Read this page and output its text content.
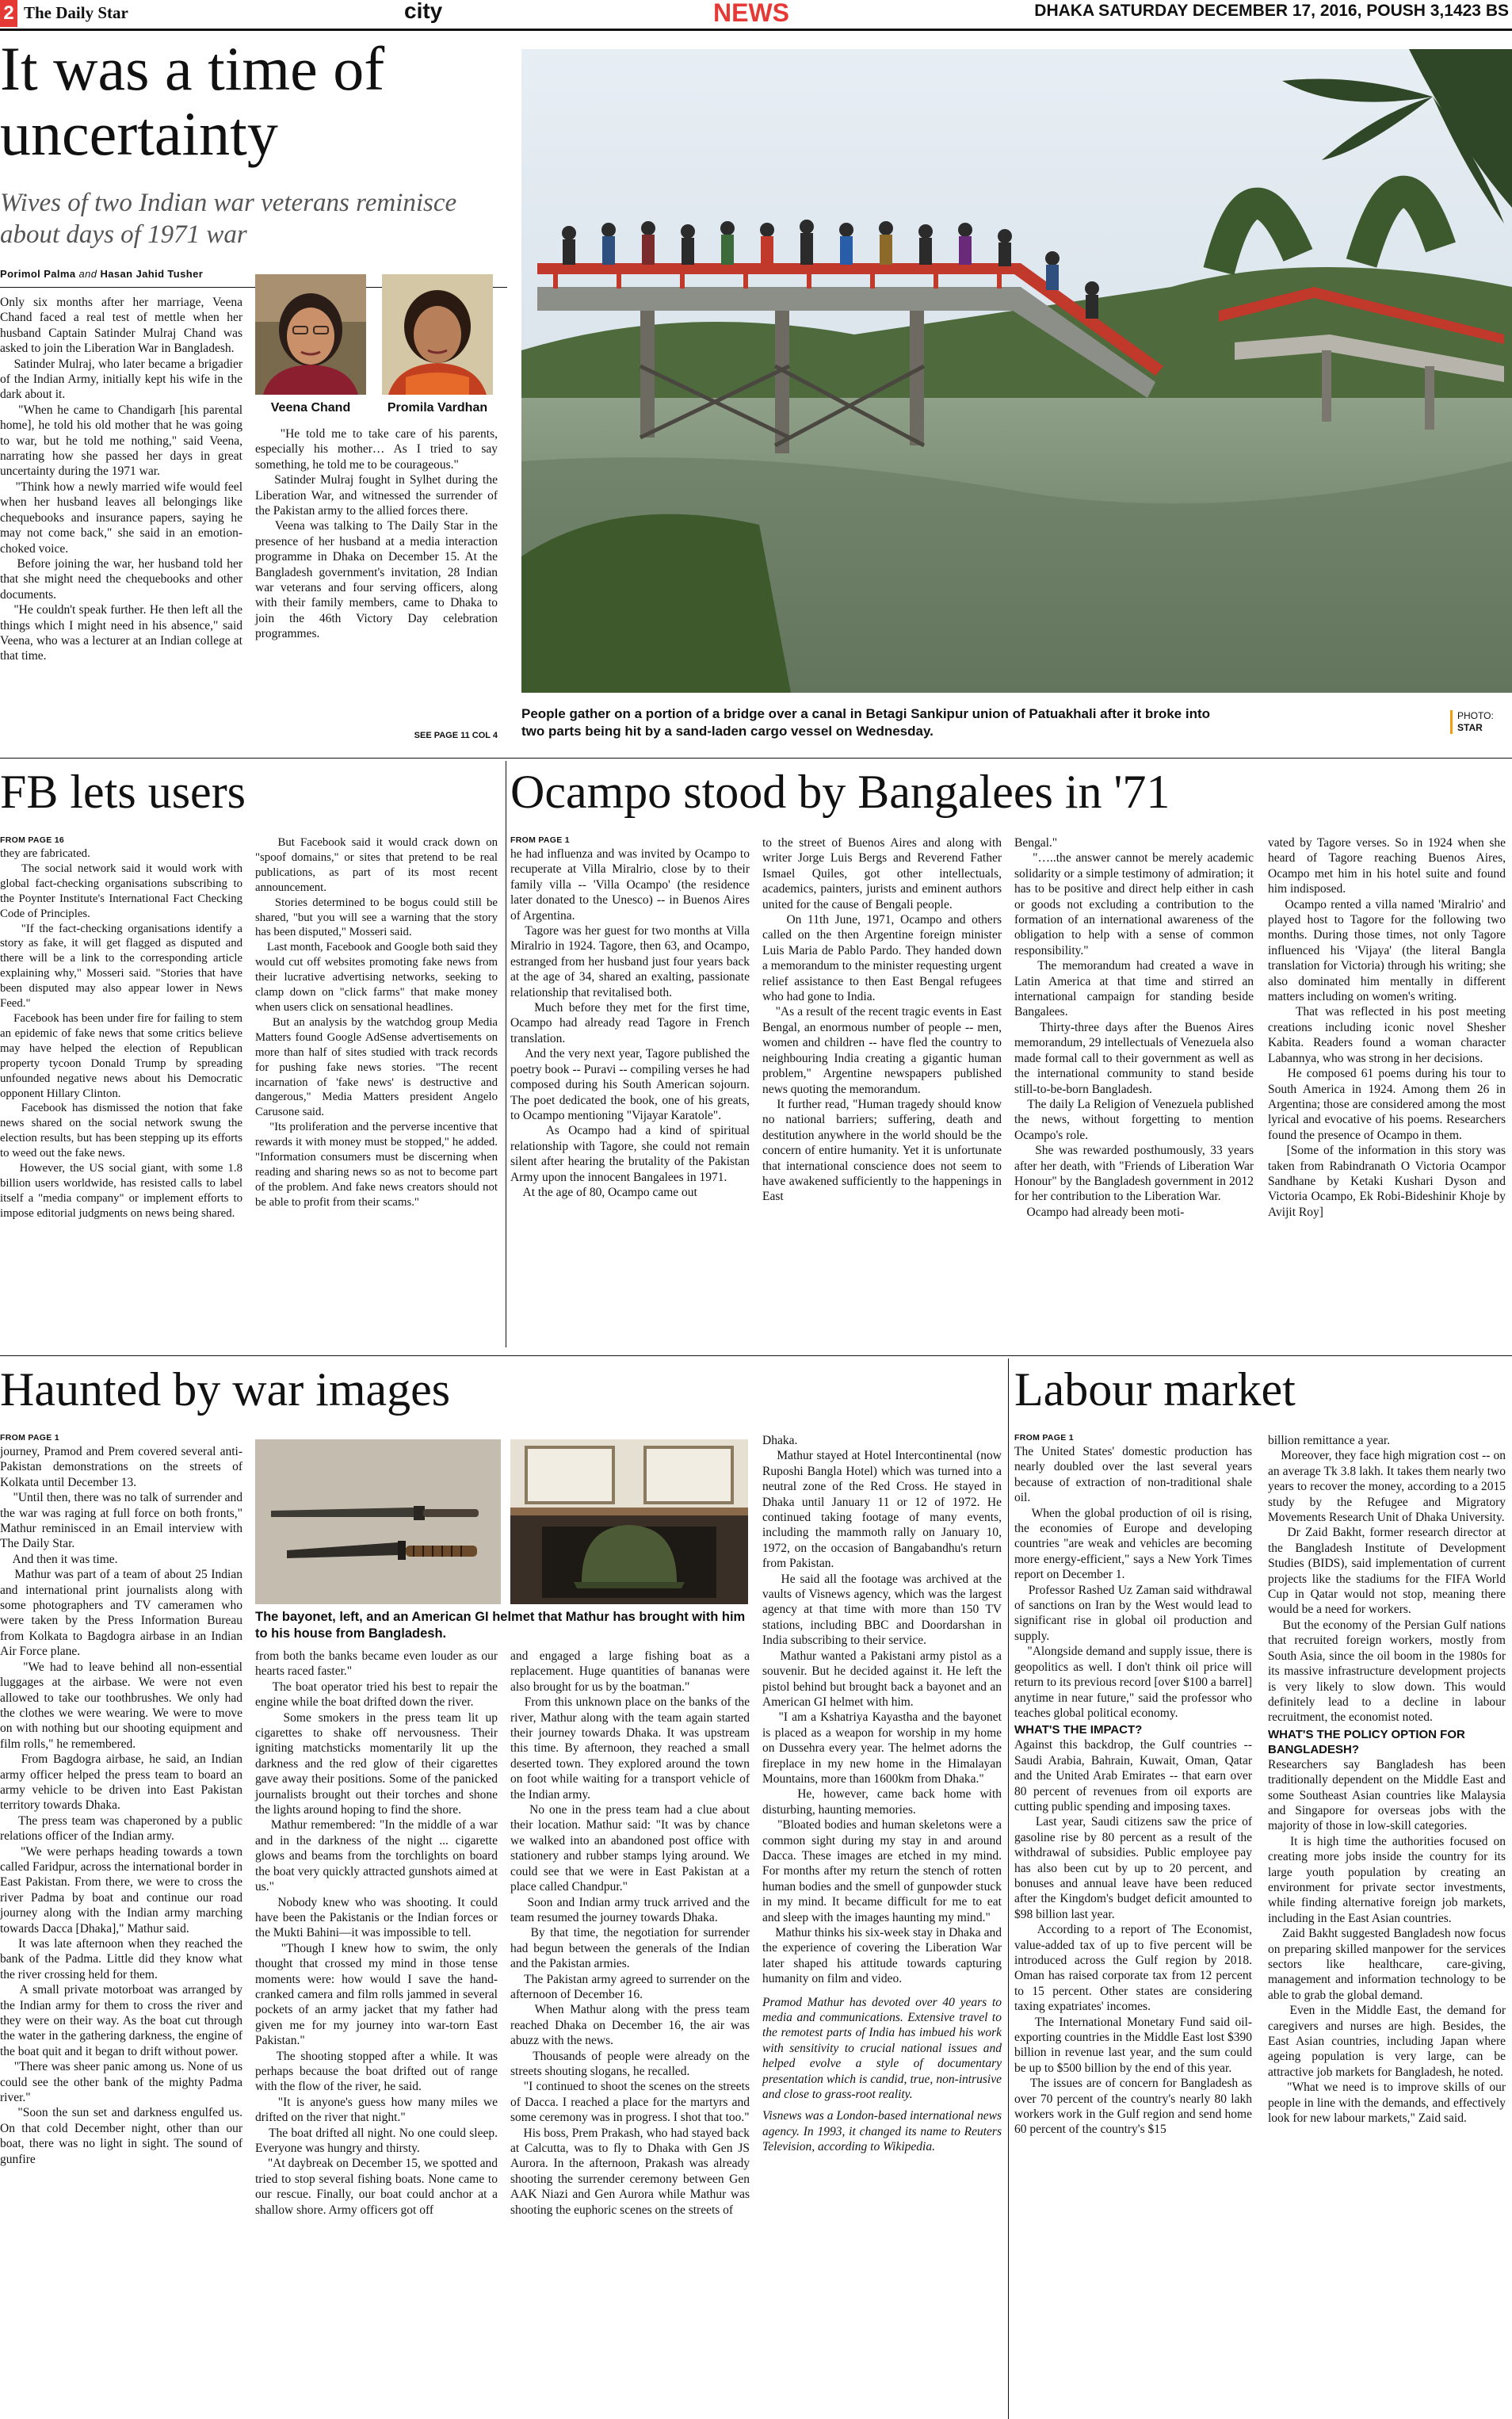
2 The Daily Star	city	NEWS	DHAKA SATURDAY DECEMBER 17, 2016, POUSH 3,1423 BS
It was a time of uncertainty
Wives of two Indian war veterans reminisce about days of 1971 war
Porimol Palma and Hasan Jahid Tusher
Only six months after her marriage, Veena Chand faced a real test of mettle when her husband Captain Satinder Mulraj Chand was asked to join the Liberation War in Bangladesh.
Satinder Mulraj, who later became a brigadier of the Indian Army, initially kept his wife in the dark about it.
"When he came to Chandigarh [his parental home], he told his old mother that he was going to war, but he told me nothing," said Veena, narrating how she passed her days in great uncertainty during the 1971 war.
"Think how a newly married wife would feel when her husband leaves all belongings like chequebooks and insurance papers, saying he may not come back," she said in an emotion-choked voice.
Before joining the war, her husband told her that she might need the chequebooks and other documents.
"He couldn't speak further. He then left all the things which I might need in his absence," said Veena, who was a lecturer at an Indian college at that time.
Veena Chand	Promila Vardhan
"He told me to take care of his parents, especially his mother… As I tried to say something, he told me to be courageous."
Satinder Mulraj fought in Sylhet during the Liberation War, and witnessed the surrender of the Pakistan army to the allied forces there.
Veena was talking to The Daily Star in the presence of her husband at a media interaction programme in Dhaka on December 15. At the Bangladesh government's invitation, 28 Indian war veterans and four serving officers, along with their family members, came to Dhaka to join the 46th Victory Day celebration programmes.
SEE PAGE 11 COL 4
People gather on a portion of a bridge over a canal in Betagi Sankipur union of Patuakhali after it broke into two parts being hit by a sand-laden cargo vessel on Wednesday.
PHOTO:
STAR
FB lets users
FROM PAGE 16
they are fabricated.
The social network said it would work with global fact-checking organisations subscribing to the Poynter Institute's International Fact Checking Code of Principles.
"If the fact-checking organisations identify a story as fake, it will get flagged as disputed and there will be a link to the corresponding article explaining why," Mosseri said. "Stories that have been disputed may also appear lower in News Feed."
Facebook has been under fire for failing to stem an epidemic of fake news that some critics believe may have helped the election of Republican property tycoon Donald Trump by spreading unfounded negative news about his Democratic opponent Hillary Clinton.
Facebook has dismissed the notion that fake news shared on the social network swung the election results, but has been stepping up its efforts to weed out the fake news.
However, the US social giant, with some 1.8 billion users worldwide, has resisted calls to label itself a "media company" or implement efforts to impose editorial judgments on news being shared.
But Facebook said it would crack down on "spoof domains," or sites that pretend to be real publications, as part of its most recent announcement.
Stories determined to be bogus could still be shared, "but you will see a warning that the story has been disputed," Mosseri said.
Last month, Facebook and Google both said they would cut off websites promoting fake news from their lucrative advertising networks, seeking to clamp down on "click farms" that make money when users click on sensational headlines.
But an analysis by the watchdog group Media Matters found Google AdSense advertisements on more than half of sites studied with track records for pushing fake news stories. "The recent incarnation of 'fake news' is destructive and dangerous," Media Matters president Angelo Carusone said.
"Its proliferation and the perverse incentive that rewards it with money must be stopped," he added. "Information consumers must be discerning when reading and sharing news so as not to become part of the problem. And fake news creators should not be able to profit from their scams."
Ocampo stood by Bangalees in '71
FROM PAGE 1
he had influenza and was invited by Ocampo to recuperate at Villa Miralrio, close by to their family villa -- 'Villa Ocampo' (the residence later donated to the Unesco) -- in Buenos Aires of Argentina.
Tagore was her guest for two months at Villa Miralrio in 1924. Tagore, then 63, and Ocampo, estranged from her husband just four years back at the age of 34, shared an exalting, passionate relationship that revitalised both.
Much before they met for the first time, Ocampo had already read Tagore in French translation.
And the very next year, Tagore published the poetry book -- Puravi -- compiling verses he had composed during his South American sojourn. The poet dedicated the book, one of his greats, to Ocampo mentioning "Vijayar Karatole".
As Ocampo had a kind of spiritual relationship with Tagore, she could not remain silent after hearing the brutality of the Pakistan Army upon the innocent Bangalees in 1971.
At the age of 80, Ocampo came out
to the street of Buenos Aires and along with writer Jorge Luis Bergs and Reverend Father Ismael Quiles, got other intellectuals, academics, painters, jurists and eminent authors united for the cause of Bengali people.
On 11th June, 1971, Ocampo and others called on the then Argentine foreign minister Luis Maria de Pablo Pardo. They handed down a memorandum to the minister requesting urgent relief assistance to then East Bengal refugees who had gone to India.
"As a result of the recent tragic events in East Bengal, an enormous number of people -- men, women and children -- have fled the country to neighbouring India creating a gigantic human problem," Argentine newspapers published news quoting the memorandum.
It further read, "Human tragedy should know no national barriers; suffering, death and destitution anywhere in the world should be the concern of entire humanity. Yet it is unfortunate that international conscience does not seem to have awakened sufficiently to the happenings in East
Bengal."
"…..the answer cannot be merely academic solidarity or a simple testimony of admiration; it has to be positive and direct help either in cash or goods not excluding a contribution to the formation of an international awareness of the obligation to help with a sense of common responsibility."
The memorandum had created a wave in Latin America at that time and stirred an international campaign for standing beside Bangalees.
Thirty-three days after the Buenos Aires memorandum, 29 intellectuals of Venezuela also made formal call to their government as well as the international community to stand beside still-to-be-born Bangladesh.
The daily La Religion of Venezuela published the news, without forgetting to mention Ocampo's role.
She was rewarded posthumously, 33 years after her death, with "Friends of Liberation War Honour" by the Bangladesh government in 2012 for her contribution to the Liberation War.
Ocampo had already been moti-
vated by Tagore verses. So in 1924 when she heard of Tagore reaching Buenos Aires, Ocampo met him in his hotel suite and found him indisposed.
Ocampo rented a villa named 'Miralrio' and played host to Tagore for the following two months. During those times, not only Tagore influenced his 'Vijaya' (the literal Bangla translation for Victoria) through his writing; she also dominated him mentally in different matters including on women's writing.
That was reflected in his post meeting creations including iconic novel Shesher Kabita. Readers found a woman character Labannya, who was strong in her decisions.
He composed 61 poems during his tour to South America in 1924. Among them 26 in Argentina; those are considered among the most lyrical and evocative of his poems. Researchers found the presence of Ocampo in them.
[Some of the information in this story was taken from Rabindranath O Victoria Ocampor Sandhane by Ketaki Kushari Dyson and Victoria Ocampo, Ek Robi-Bideshinir Khoje by Avijit Roy]
Haunted by war images
FROM PAGE 1
journey, Pramod and Prem covered several anti-Pakistan demonstrations on the streets of Kolkata until December 13.
"Until then, there was no talk of surrender and the war was raging at full force on both fronts," Mathur reminisced in an Email interview with The Daily Star.
And then it was time.
Mathur was part of a team of about 25 Indian and international print journalists along with some photographers and TV cameramen who were taken by the Press Information Bureau from Kolkata to Bagdogra airbase in an Indian Air Force plane.
"We had to leave behind all non-essential luggages at the airbase. We were not even allowed to take our toothbrushes. We only had the clothes we were wearing. We were to move on with nothing but our shooting equipment and film rolls," he remembered.
From Bagdogra airbase, he said, an Indian army officer helped the press team to board an army vehicle to be driven into East Pakistan territory towards Dhaka.
The press team was chaperoned by a public relations officer of the Indian army.
"We were perhaps heading towards a town called Faridpur, across the international border in East Pakistan. From there, we were to cross the river Padma by boat and continue our road journey along with the Indian army marching towards Dacca [Dhaka]," Mathur said.
It was late afternoon when they reached the bank of the Padma. Little did they know what the river crossing held for them.
A small private motorboat was arranged by the Indian army for them to cross the river and they were on their way. As the boat cut through the water in the gathering darkness, the engine of the boat quit and it began to drift without power.
"There was sheer panic among us. None of us could see the other bank of the mighty Padma river."
"Soon the sun set and darkness engulfed us. On that cold December night, other than our boat, there was no light in sight. The sound of gunfire
The bayonet, left, and an American GI helmet that Mathur has brought with him to his house from Bangladesh.
from both the banks became even louder as our hearts raced faster."
The boat operator tried his best to repair the engine while the boat drifted down the river.
Some smokers in the press team lit up cigarettes to shake off nervousness. Their igniting matchsticks momentarily lit up the darkness and the red glow of their cigarettes gave away their positions. Some of the panicked journalists brought out their torches and shone the lights around hoping to find the shore.
Mathur remembered: "In the middle of a war and in the darkness of the night ... cigarette glows and beams from the torchlights on board the boat very quickly attracted gunshots aimed at us."
Nobody knew who was shooting. It could have been the Pakistanis or the Indian forces or the Mukti Bahini—it was impossible to tell.
"Though I knew how to swim, the only thought that crossed my mind in those tense moments were: how would I save the hand-cranked camera and film rolls jammed in several pockets of an army jacket that my father had given me for my journey into war-torn East Pakistan."
The shooting stopped after a while. It was perhaps because the boat drifted out of range with the flow of the river, he said.
"It is anyone's guess how many miles we drifted on the river that night."
The boat drifted all night. No one could sleep. Everyone was hungry and thirsty.
"At daybreak on December 15, we spotted and tried to stop several fishing boats. None came to our rescue. Finally, our boat could anchor at a shallow shore. Army officers got off
and engaged a large fishing boat as a replacement. Huge quantities of bananas were also brought for us by the boatman."
From this unknown place on the banks of the river, Mathur along with the team again started their journey towards Dhaka. It was upstream this time. By afternoon, they reached a small deserted town. They explored around the town on foot while waiting for a transport vehicle of the Indian army.
No one in the press team had a clue about their location. Mathur said: "It was by chance we walked into an abandoned post office with stationery and rubber stamps lying around. We could see that we were in East Pakistan at a place called Chandpur."
Soon and Indian army truck arrived and the team resumed the journey towards Dhaka.
By that time, the negotiation for surrender had begun between the generals of the Indian and the Pakistan armies.
The Pakistan army agreed to surrender on the afternoon of December 16.
When Mathur along with the press team reached Dhaka on December 16, the air was abuzz with the news.
Thousands of people were already on the streets shouting slogans, he recalled.
"I continued to shoot the scenes on the streets of Dacca. I reached a place for the martyrs and some ceremony was in progress. I shot that too."
His boss, Prem Prakash, who had stayed back at Calcutta, was to fly to Dhaka with Gen JS Aurora. In the afternoon, Prakash was already shooting the surrender ceremony between Gen AAK Niazi and Gen Aurora while Mathur was shooting the euphoric scenes on the streets of
Dhaka.
Mathur stayed at Hotel Intercontinental (now Ruposhi Bangla Hotel) which was turned into a neutral zone of the Red Cross. He stayed in Dhaka until January 11 or 12 of 1972. He continued taking footage of many events, including the mammoth rally on January 10, 1972, on the occasion of Bangabandhu's return from Pakistan.
He said all the footage was archived at the vaults of Visnews agency, which was the largest agency at that time with more than 150 TV stations, including BBC and Doordarshan in India subscribing to their service.
Mathur wanted a Pakistani army pistol as a souvenir. But he decided against it. He left the pistol behind but brought back a bayonet and an American GI helmet with him.
"I am a Kshatriya Kayastha and the bayonet is placed as a weapon for worship in my home on Dussehra every year. The helmet adorns the fireplace in my new home in the Himalayan Mountains, more than 1600km from Dhaka."
He, however, came back home with disturbing, haunting memories.
"Bloated bodies and human skeletons were a common sight during my stay in and around Dacca. These images are etched in my mind. For months after my return the stench of rotten human bodies and the smell of gunpowder stuck in my mind. It became difficult for me to eat and sleep with the images haunting my mind."
Mathur thinks his six-week stay in Dhaka and the experience of covering the Liberation War later shaped his attitude towards capturing humanity on film and video.
Pramod Mathur has devoted over 40 years to media and communications. Extensive travel to the remotest parts of India has imbued his work with sensitivity to crucial national issues and helped evolve a style of documentary presentation which is candid, true, non-intrusive and close to grass-root reality.
Visnews was a London-based international news agency. In 1993, it changed its name to Reuters Television, according to Wikipedia.
Labour market
FROM PAGE 1
The United States' domestic production has nearly doubled over the last several years because of extraction of non-traditional shale oil.
When the global production of oil is rising, the economies of Europe and developing countries "are weak and vehicles are becoming more energy-efficient," says a New York Times report on December 1.
Professor Rashed Uz Zaman said withdrawal of sanctions on Iran by the West would lead to significant rise in global oil production and supply.
"Alongside demand and supply issue, there is geopolitics as well. I don't think oil price will return to its previous record [over $100 a barrel] anytime in near future," said the professor who teaches global political economy.
WHAT'S THE IMPACT?
Against this backdrop, the Gulf countries -- Saudi Arabia, Bahrain, Kuwait, Oman, Qatar and the United Arab Emirates -- that earn over 80 percent of revenues from oil exports are cutting public spending and imposing taxes.
Last year, Saudi citizens saw the price of gasoline rise by 80 percent as a result of the withdrawal of subsidies. Public employee pay has also been cut by up to 20 percent, and bonuses and annual leave have been reduced after the Kingdom's budget deficit amounted to $98 billion last year.
According to a report of The Economist, value-added tax of up to five percent will be introduced across the Gulf region by 2018. Oman has raised corporate tax from 12 percent to 15 percent. Other states are considering taxing expatriates' incomes.
The International Monetary Fund said oil-exporting countries in the Middle East lost $390 billion in revenue last year, and the sum could be up to $500 billion by the end of this year.
The issues are of concern for Bangladesh as over 70 percent of the country's nearly 80 lakh workers work in the Gulf region and send home 60 percent of the country's $15
billion remittance a year.
Moreover, they face high migration cost -- on an average Tk 3.8 lakh. It takes them nearly two years to recover the money, according to a 2015 study by the Refugee and Migratory Movements Research Unit of Dhaka University.
Dr Zaid Bakht, former research director at the Bangladesh Institute of Development Studies (BIDS), said implementation of current projects like the stadiums for the FIFA World Cup in Qatar would not stop, meaning there would be a need for workers.
But the economy of the Persian Gulf nations that recruited foreign workers, mostly from South Asia, since the oil boom in the 1980s for its massive infrastructure development projects is very likely to slow down. This would definitely lead to a decline in labour recruitment, the economist noted.
WHAT'S THE POLICY OPTION FOR BANGLADESH?
Researchers say Bangladesh has been traditionally dependent on the Middle East and some Southeast Asian countries like Malaysia and Singapore for overseas jobs with the majority of those in low-skill categories.
It is high time the authorities focused on creating more jobs inside the country for its large youth population by creating an environment for private sector investments, while finding alternative foreign job markets, including in the East Asian countries.
Zaid Bakht suggested Bangladesh now focus on preparing skilled manpower for the services sectors like healthcare, care-giving, management and information technology to be able to grab the global demand.
Even in the Middle East, the demand for caregivers and nurses are high. Besides, the East Asian countries, including Japan where ageing population is very large, can be attractive job markets for Bangladesh, he noted.
"What we need is to improve skills of our people in line with the demands, and effectively look for new labour markets," Zaid said.
